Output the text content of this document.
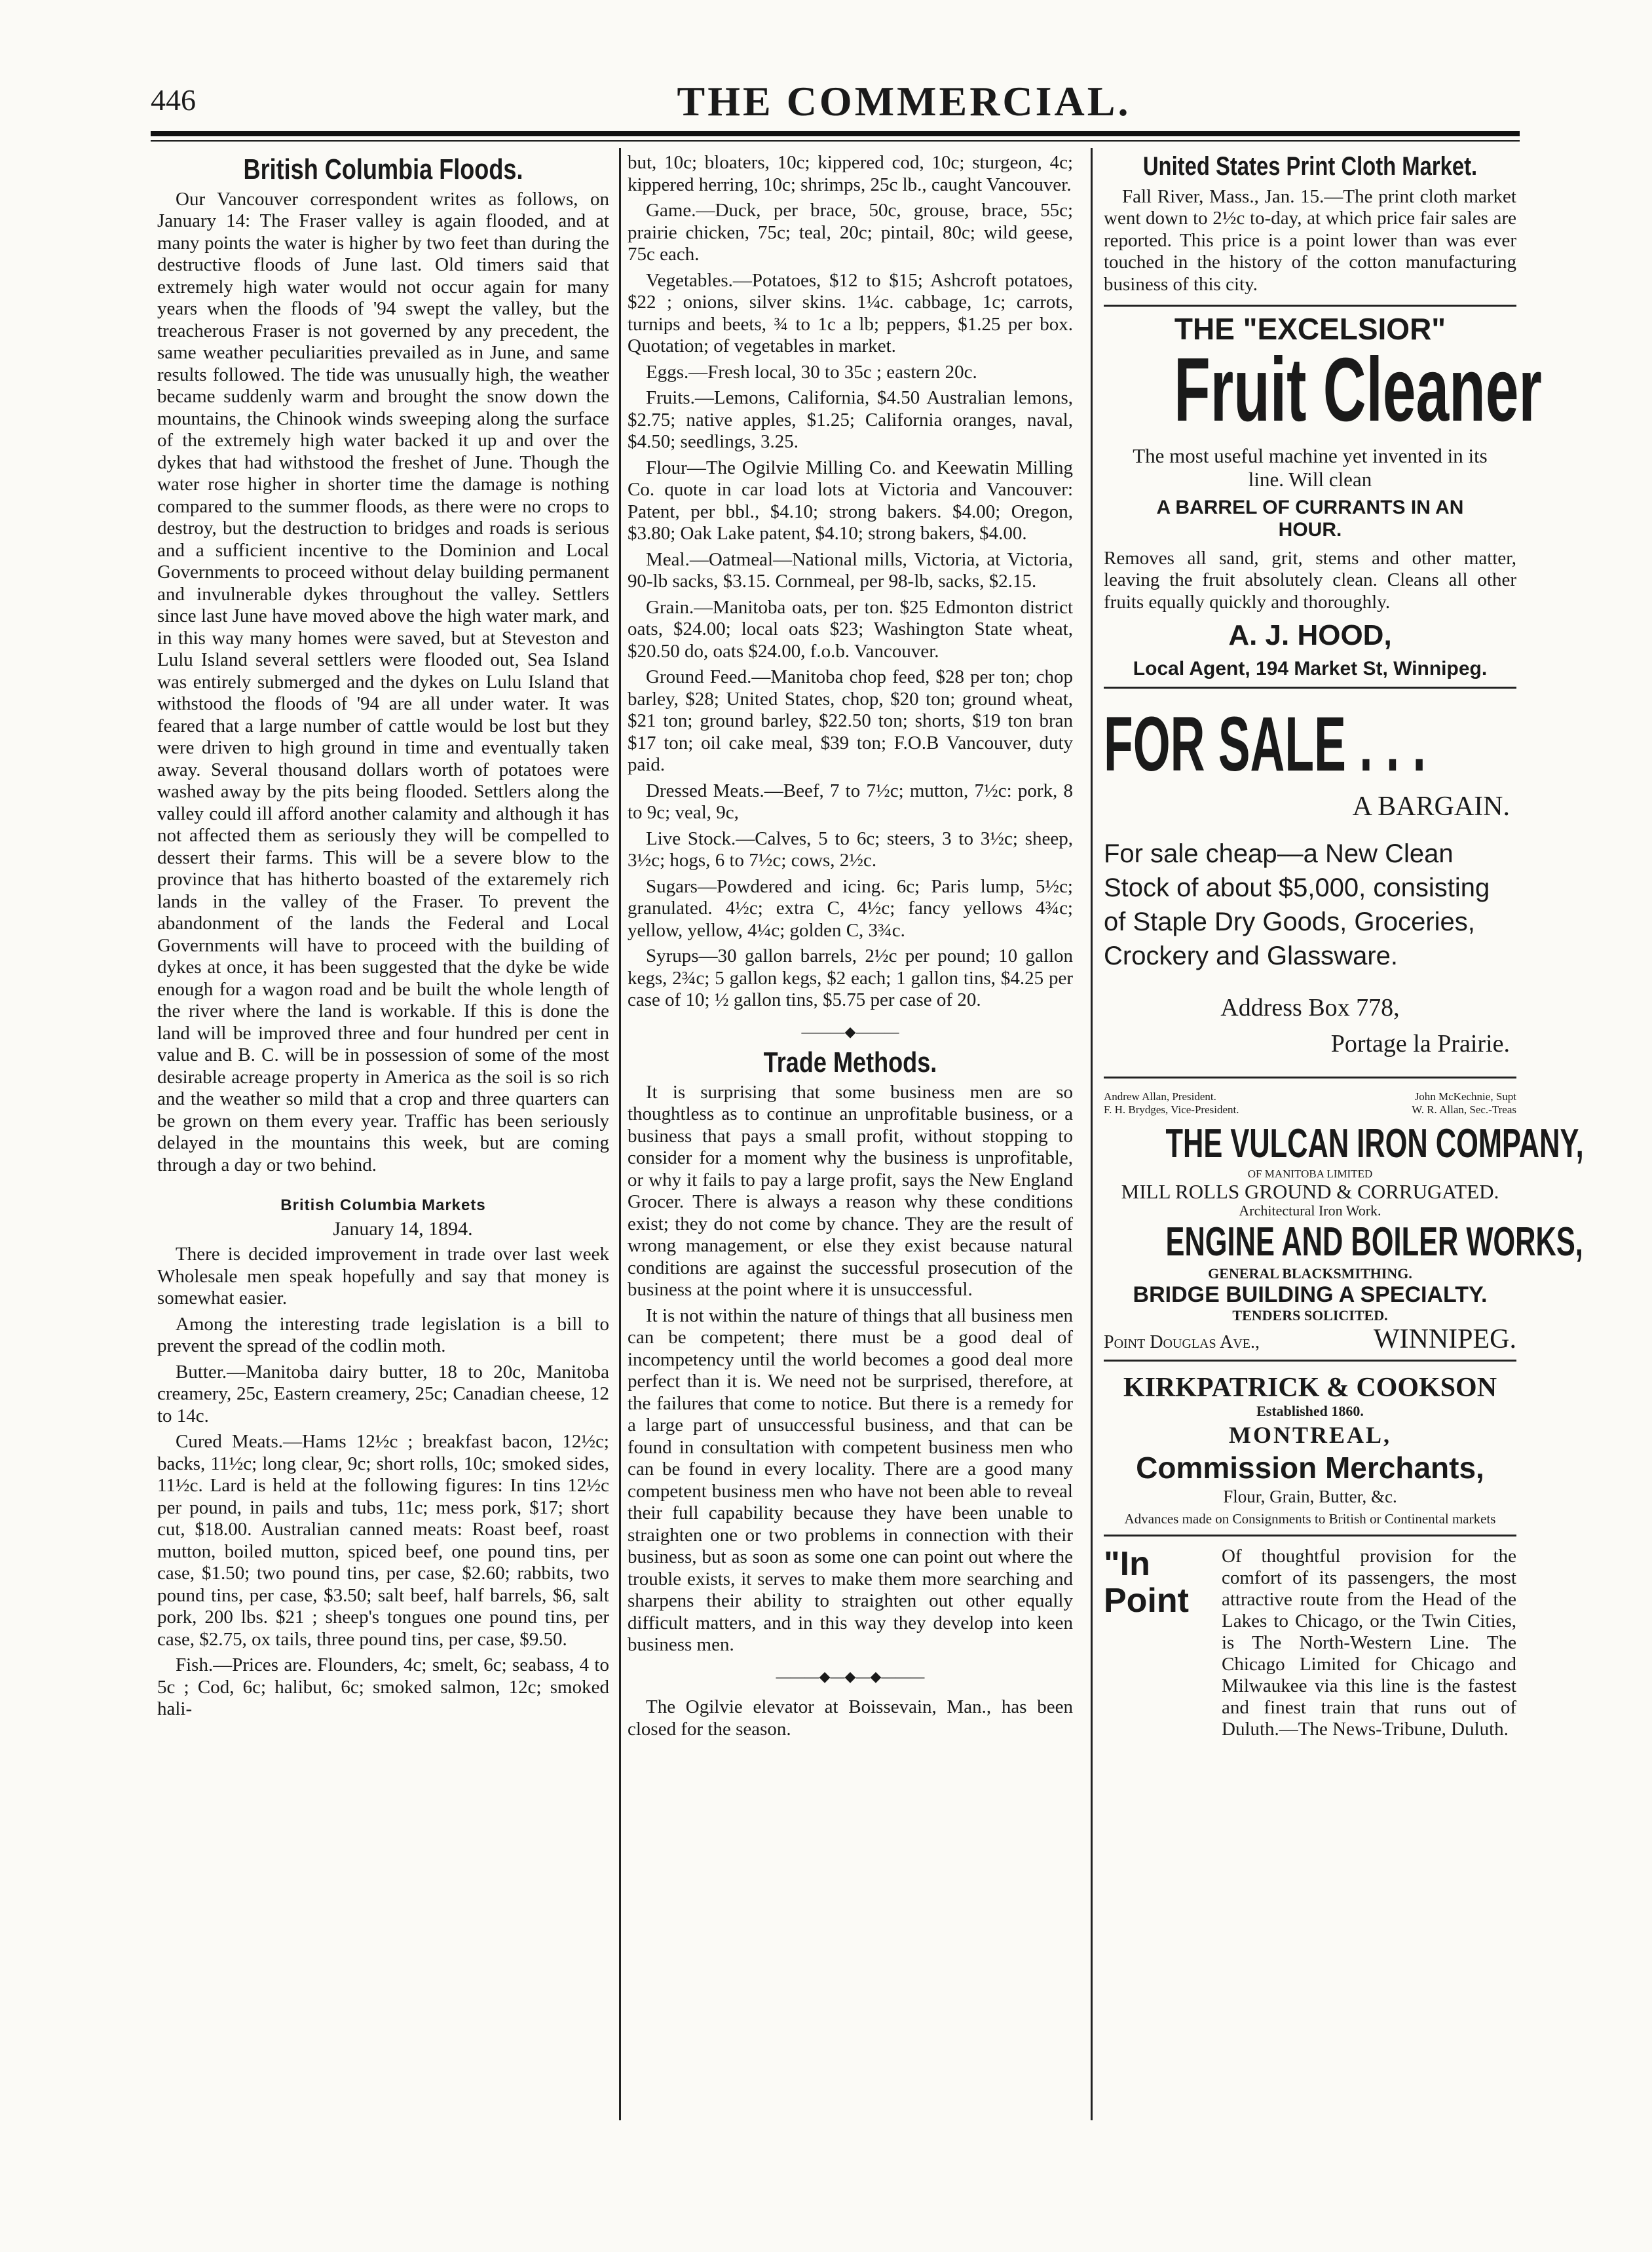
446	THE COMMERCIAL.
British Columbia Floods.

Our Vancouver correspondent writes as follows, on January 14: The Fraser valley is again flooded, and at many points the water is higher by two feet than during the destructive floods of June last. Old timers said that extremely high water would not occur again for many years when the floods of '94 swept the valley, but the treacherous Fraser is not governed by any precedent, the same weather peculiarities prevailed as in June, and same results followed. The tide was unusually high, the weather became suddenly warm and brought the snow down the mountains, the Chinook winds sweeping along the surface of the extremely high water backed it up and over the dykes that had withstood the freshet of June. Though the water rose higher in shorter time the damage is nothing compared to the summer floods, as there were no crops to destroy, but the destruction to bridges and roads is serious and a sufficient incentive to the Dominion and Local Governments to proceed without delay building permanent and invulnerable dykes throughout the valley. Settlers since last June have moved above the high water mark, and in this way many homes were saved, but at Steveston and Lulu Island several settlers were flooded out, Sea Island was entirely submerged and the dykes on Lulu Island that withstood the floods of '94 are all under water. It was feared that a large number of cattle would be lost but they were driven to high ground in time and eventually taken away. Several thousand dollars worth of potatoes were washed away by the pits being flooded. Settlers along the valley could ill afford another calamity and although it has not affected them as seriously they will be compelled to dessert their farms. This will be a severe blow to the province that has hitherto boasted of the extaremely rich lands in the valley of the Fraser. To prevent the abandonment of the lands the Federal and Local Governments will have to proceed with the building of dykes at once, it has been suggested that the dyke be wide enough for a wagon road and be built the whole length of the river where the land is workable. If this is done the land will be improved three and four hundred per cent in value and B. C. will be in possession of some of the most desirable acreage property in America as the soil is so rich and the weather so mild that a crop and three quarters can be grown on them every year. Traffic has been seriously delayed in the mountains this week, but are coming through a day or two behind.

British Columbia Markets
January 14, 1894.

There is decided improvement in trade over last week Wholesale men speak hopefully and say that money is somewhat easier.

Among the interesting trade legislation is a bill to prevent the spread of the codlin moth.

Butter.—Manitoba dairy butter, 18 to 20c, Manitoba creamery, 25c, Eastern creamery, 25c; Canadian cheese, 12 to 14c.

Cured Meats.—Hams 12½c ; breakfast bacon, 12½c; backs, 11½c; long clear, 9c; short rolls, 10c; smoked sides, 11½c. Lard is held at the following figures: In tins 12½c per pound, in pails and tubs, 11c; mess pork, $17; short cut, $18.00. Australian canned meats: Roast beef, roast mutton, boiled mutton, spiced beef, one pound tins, per case, $1.50; two pound tins, per case, $2.60; rabbits, two pound tins, per case, $3.50; salt beef, half barrels, $6, salt pork, 200 lbs. $21 ; sheep's tongues one pound tins, per case, $2.75, ox tails, three pound tins, per case, $9.50.

Fish.—Prices are. Flounders, 4c; smelt, 6c; seabass, 4 to 5c ; Cod, 6c; halibut, 6c; smoked salmon, 12c; smoked hali-

but, 10c; bloaters, 10c; kippered cod, 10c; sturgeon, 4c; kippered herring, 10c; shrimps, 25c lb., caught Vancouver.

Game.—Duck, per brace, 50c, grouse, brace, 55c; prairie chicken, 75c; teal, 20c; pintail, 80c; wild geese, 75c each.

Vegetables.—Potatoes, $12 to $15; Ashcroft potatoes, $22 ; onions, silver skins. 1¼c. cabbage, 1c; carrots, turnips and beets, ¾ to 1c a lb; peppers, $1.25 per box. Quotation; of vegetables in market.

Eggs.—Fresh local, 30 to 35c ; eastern 20c.

Fruits.—Lemons, California, $4.50 Australian lemons, $2.75; native apples, $1.25; California oranges, naval, $4.50; seedlings, 3.25.

Flour—The Ogilvie Milling Co. and Keewatin Milling Co. quote in car load lots at Victoria and Vancouver: Patent, per bbl., $4.10; strong bakers. $4.00; Oregon, $3.80; Oak Lake patent, $4.10; strong bakers, $4.00.

Meal.—Oatmeal—National mills, Victoria, at Victoria, 90-lb sacks, $3.15. Cornmeal, per 98-lb, sacks, $2.15.

Grain.—Manitoba oats, per ton. $25 Edmonton district oats, $24.00; local oats $23; Washington State wheat, $20.50 do, oats $24.00, f.o.b. Vancouver.

Ground Feed.—Manitoba chop feed, $28 per ton; chop barley, $28; United States, chop, $20 ton; ground wheat, $21 ton; ground barley, $22.50 ton; shorts, $19 ton bran $17 ton; oil cake meal, $39 ton; F.O.B Vancouver, duty paid.

Dressed Meats.—Beef, 7 to 7½c; mutton, 7½c: pork, 8 to 9c; veal, 9c,

Live Stock.—Calves, 5 to 6c; steers, 3 to 3½c; sheep, 3½c; hogs, 6 to 7½c; cows, 2½c.

Sugars—Powdered and icing. 6c; Paris lump, 5½c; granulated. 4½c; extra C, 4½c; fancy yellows 4¾c; yellow, yellow, 4¼c; golden C, 3¾c.

Syrups—30 gallon barrels, 2½c per pound; 10 gallon kegs, 2¾c; 5 gallon kegs, $2 each; 1 gallon tins, $4.25 per case of 10; ½ gallon tins, $5.75 per case of 20.

———◆———
Trade Methods.

It is surprising that some business men are so thoughtless as to continue an unprofitable business, or a business that pays a small profit, without stopping to consider for a moment why the business is unprofitable, or why it fails to pay a large profit, says the New England Grocer. There is always a reason why these conditions exist; they do not come by chance. They are the result of wrong management, or else they exist because natural conditions are against the successful prosecution of the business at the point where it is unsuccessful.

It is not within the nature of things that all business men can be competent; there must be a good deal of incompetency until the world becomes a good deal more perfect than it is. We need not be surprised, therefore, at the failures that come to notice. But there is a remedy for a large part of unsuccessful business, and that can be found in consultation with competent business men who can be found in every locality. There are a good many competent business men who have not been able to reveal their full capability because they have been unable to straighten one or two problems in connection with their business, but as soon as some one can point out where the trouble exists, it serves to make them more searching and sharpens their ability to straighten out other equally difficult matters, and in this way they develop into keen business men.

———◆—◆—◆———

The Ogilvie elevator at Boissevain, Man., has been closed for the season.

United States Print Cloth Market.

Fall River, Mass., Jan. 15.—The print cloth market went down to 2½c to-day, at which price fair sales are reported. This price is a point lower than was ever touched in the history of the cotton manufacturing business of this city.

THE "EXCELSIOR"
Fruit Cleaner
The most useful machine yet invented in its line. Will clean
A BARREL OF CURRANTS IN AN HOUR.

Removes all sand, grit, stems and other matter, leaving the fruit absolutely clean. Cleans all other fruits equally quickly and thoroughly.

A. J. HOOD,
Local Agent, 194 Market St, Winnipeg.
FOR SALE . . .
A BARGAIN.
For sale cheap—a New Clean Stock of about $5,000, consisting of Staple Dry Goods, Groceries, Crockery and Glassware.
Address Box 778,
Portage la Prairie.
Andrew Allan, President.	John McKechnie, Supt
F. H. Brydges, Vice-President.	W. R. Allan, Sec.-Treas
THE VULCAN IRON COMPANY,
OF MANITOBA LIMITED
MILL ROLLS GROUND & CORRUGATED.
Architectural Iron Work.
ENGINE AND BOILER WORKS,
GENERAL BLACKSMITHING.
BRIDGE BUILDING A SPECIALTY.
TENDERS SOLICITED.
Point Douglas Ave.,	WINNIPEG.
KIRKPATRICK & COOKSON
Established 1860.
MONTREAL,
Commission Merchants,
Flour, Grain, Butter, &c.
Advances made on Consignments to British or Continental markets
"In Point
Of thoughtful provision for the comfort of its passengers, the most attractive route from the Head of the Lakes to Chicago, or the Twin Cities, is The North-Western Line. The Chicago Limited for Chicago and Milwaukee via this line is the fastest and finest train that runs out of Duluth.—The News-Tribune, Duluth.
